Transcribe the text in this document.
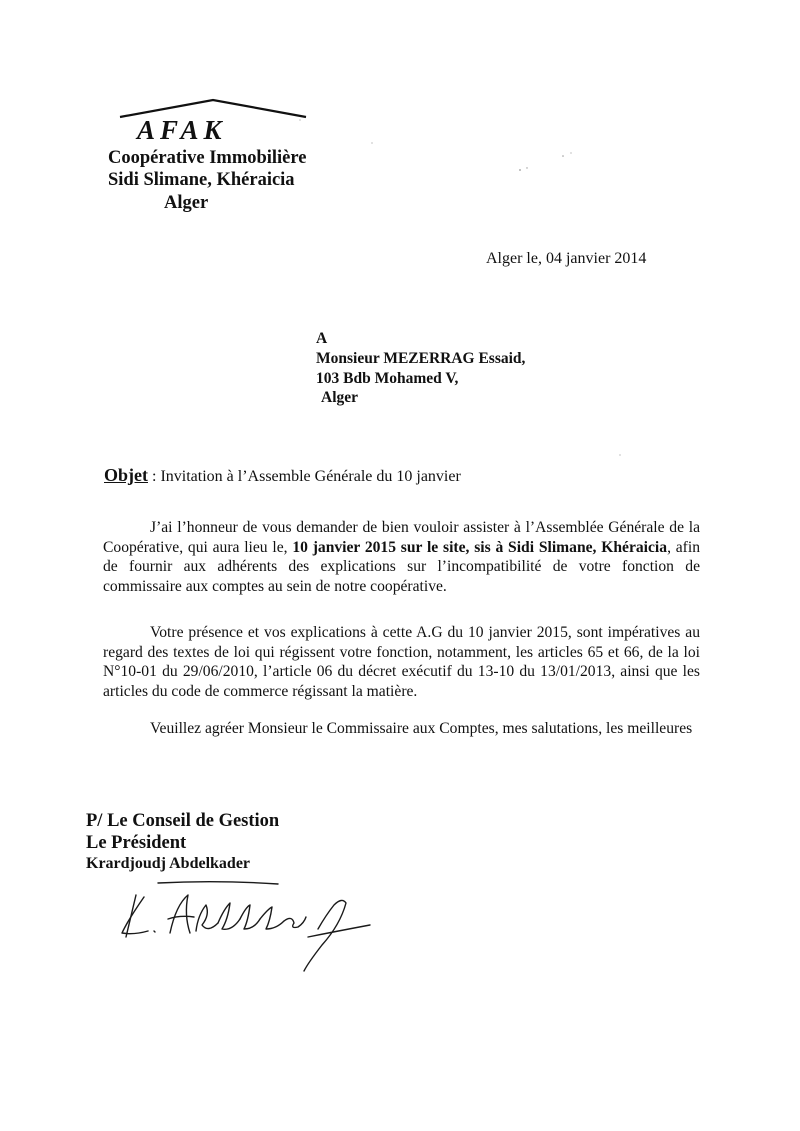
AFAK
Coopérative Immobilière
Sidi Slimane, Khéraicia
Alger
Alger le, 04 janvier 2014
A
Monsieur MEZERRAG Essaid,
103 Bdb Mohamed V,
Alger
Objet : Invitation à l’Assemble Générale du 10 janvier

J’ai l’honneur de vous demander de bien vouloir assister à l’Assemblée Générale de la Coopérative, qui aura lieu le, 10 janvier 2015 sur le site, sis à Sidi Slimane, Khéraicia, afin de fournir aux adhérents des explications sur l’incompatibilité de votre fonction de commissaire aux comptes au sein de notre coopérative.

Votre présence et vos explications à cette A.G du 10 janvier 2015, sont impératives au regard des textes de loi qui régissent votre fonction, notamment, les articles 65 et 66, de la loi N°10-01 du 29/06/2010, l’article 06 du décret exécutif du 13-10 du 13/01/2013, ainsi que les articles du code de commerce régissant la matière.

Veuillez agréer Monsieur le Commissaire aux Comptes, mes salutations, les meilleures

P/ Le Conseil de Gestion
Le Président
Krardjoudj Abdelkader
